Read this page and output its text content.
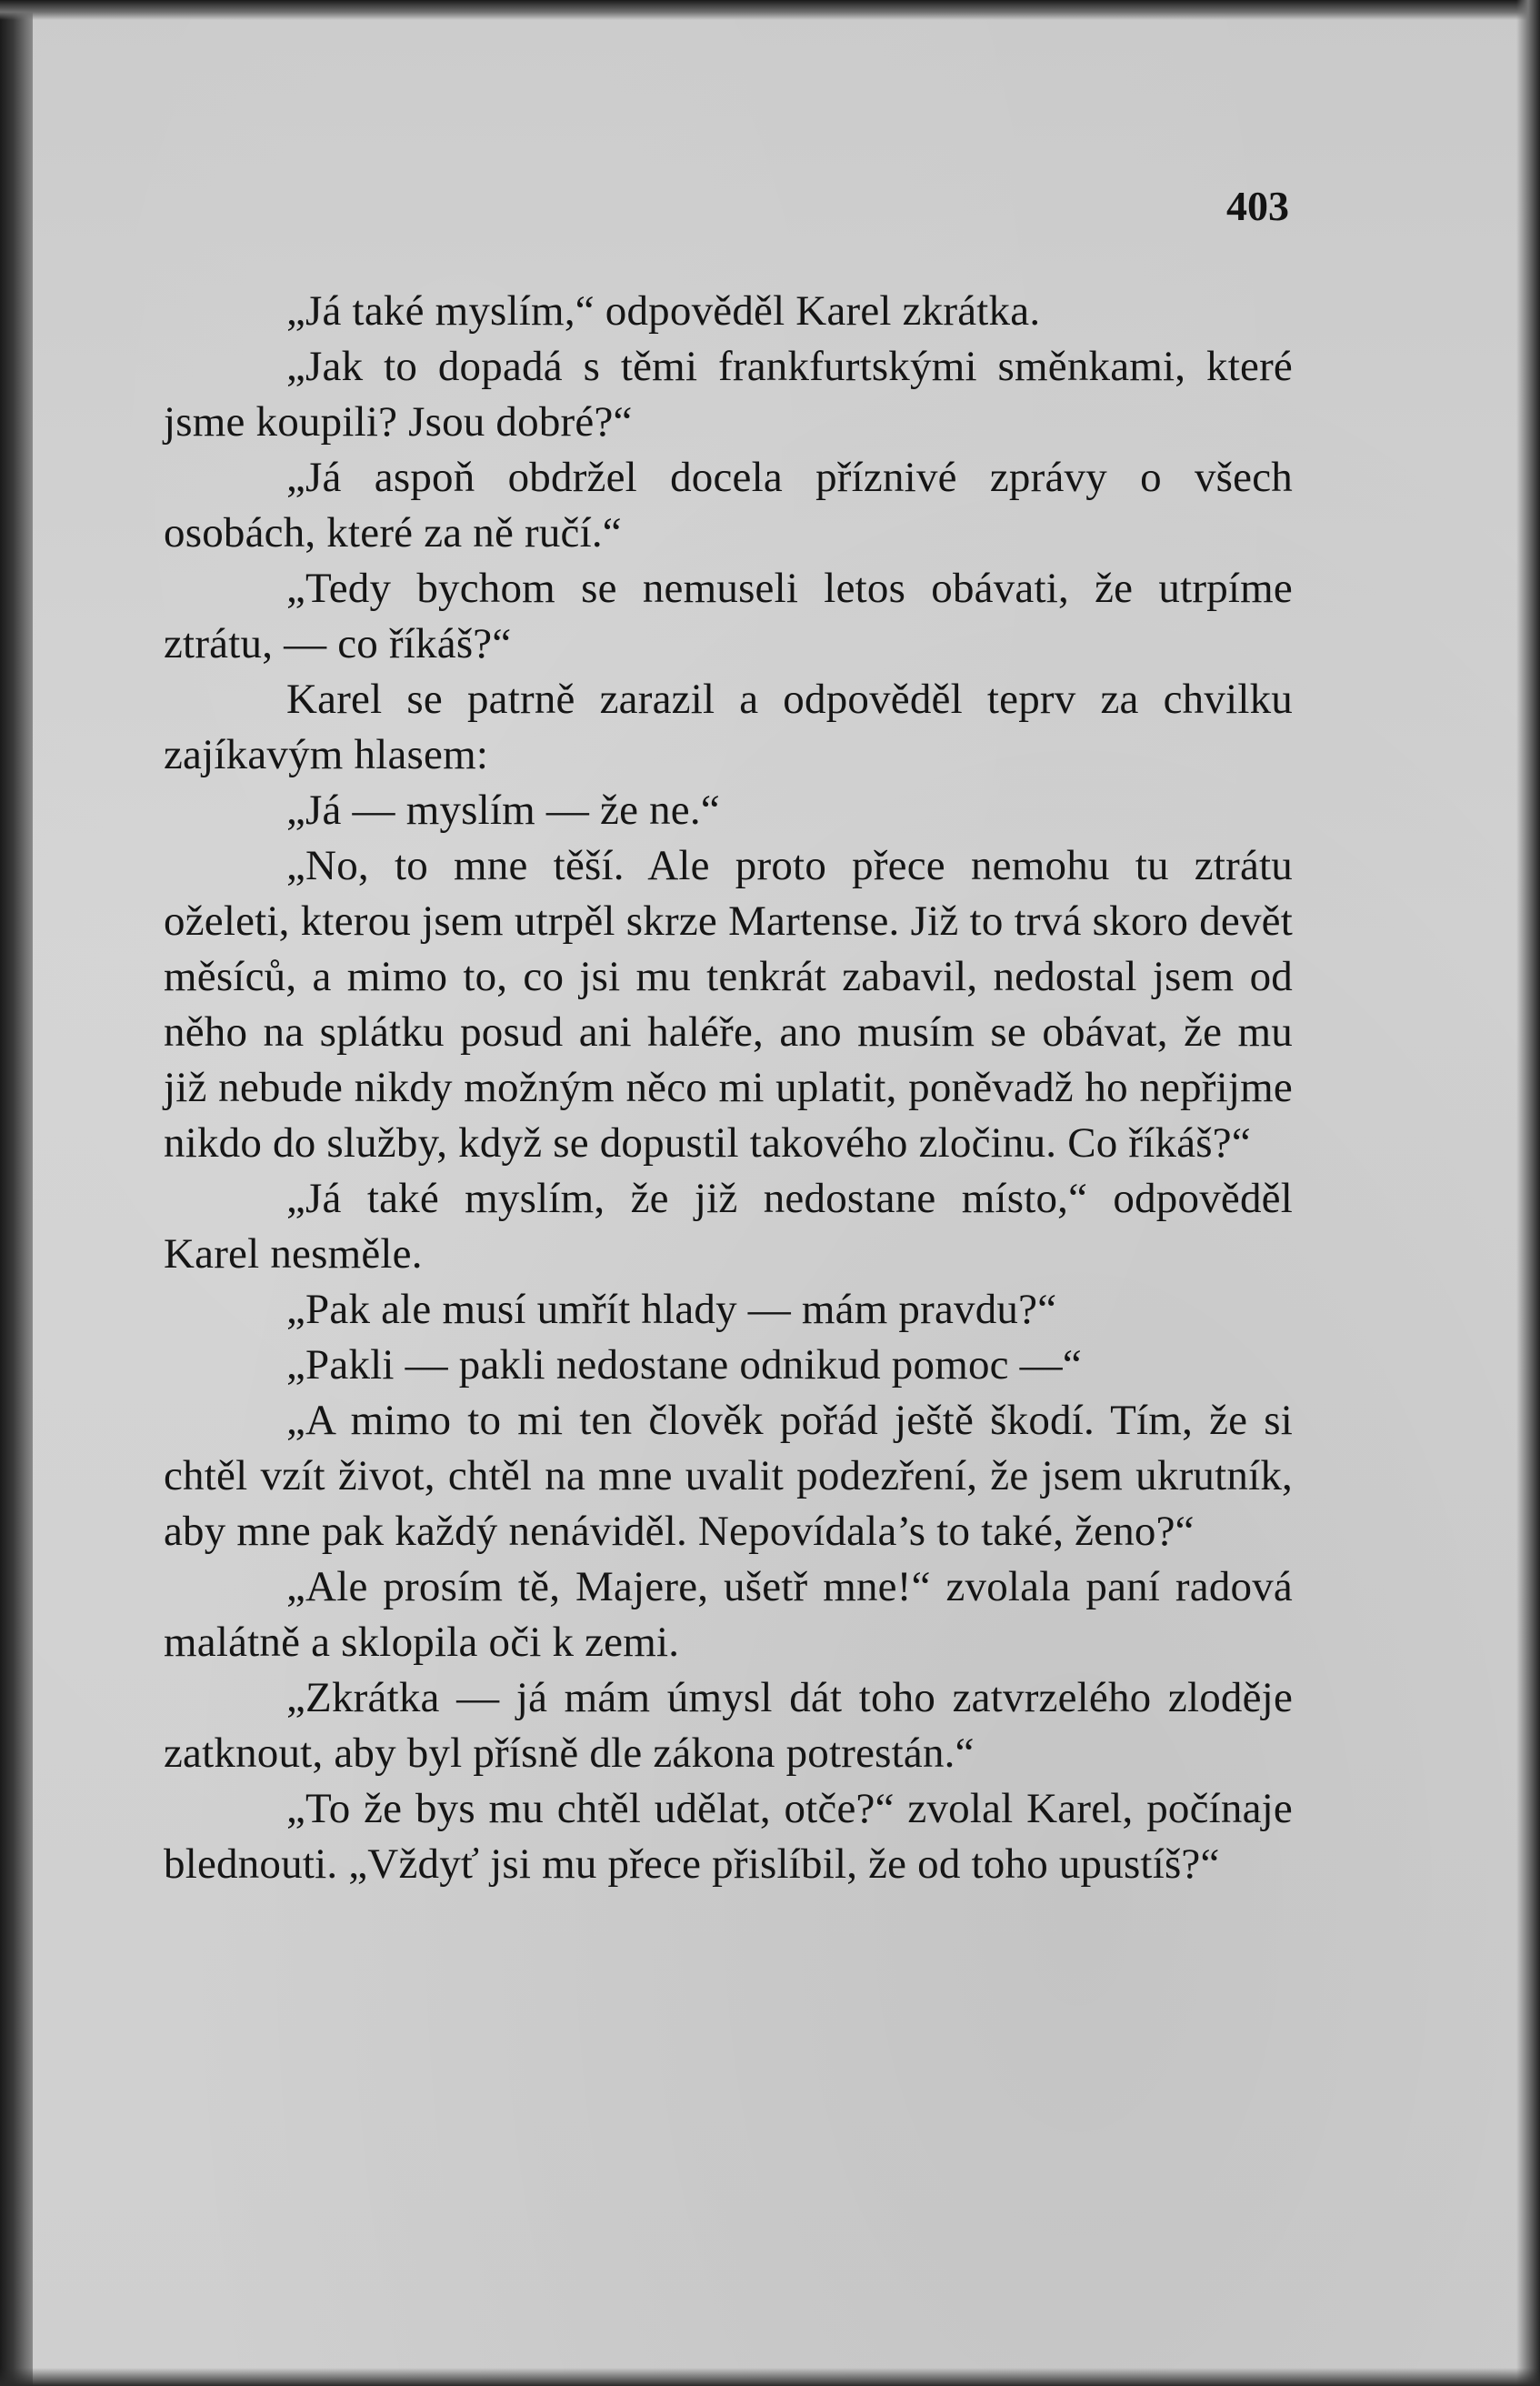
403

„Já také myslím,“ odpověděl Karel zkrátka.

„Jak to dopadá s těmi frankfurtskými směnkami, které jsme koupili? Jsou dobré?“

„Já aspoň obdržel docela příznivé zprávy o všech osobách, které za ně ručí.“

„Tedy bychom se nemuseli letos obávati, že utrpíme ztrátu, — co říkáš?“

Karel se patrně zarazil a odpověděl teprv za chvilku zajíkavým hlasem:

„Já — myslím — že ne.“

„No, to mne těší. Ale proto přece nemohu tu ztrátu oželeti, kterou jsem utrpěl skrze Martense. Již to trvá skoro devět měsíců, a mimo to, co jsi mu tenkrát zabavil, nedostal jsem od něho na splátku posud ani haléře, ano musím se obávat, že mu již nebude nikdy možným něco mi uplatit, poněvadž ho nepřijme nikdo do služby, když se dopustil takového zločinu. Co říkáš?“

„Já také myslím, že již nedostane místo,“ odpověděl Karel nesměle.

„Pak ale musí umřít hlady — mám pravdu?“

„Pakli — pakli nedostane odnikud pomoc —“

„A mimo to mi ten člověk pořád ještě škodí. Tím, že si chtěl vzít život, chtěl na mne uvalit podezření, že jsem ukrutník, aby mne pak každý nenáviděl. Nepovídala’s to také, ženo?“

„Ale prosím tě, Majere, ušetř mne!“ zvolala paní radová malátně a sklopila oči k zemi.

„Zkrátka — já mám úmysl dát toho zatvrzelého zloděje zatknout, aby byl přísně dle zákona potrestán.“

„To že bys mu chtěl udělat, otče?“ zvolal Karel, počínaje blednouti. „Vždyť jsi mu přece přislíbil, že od toho upustíš?“
